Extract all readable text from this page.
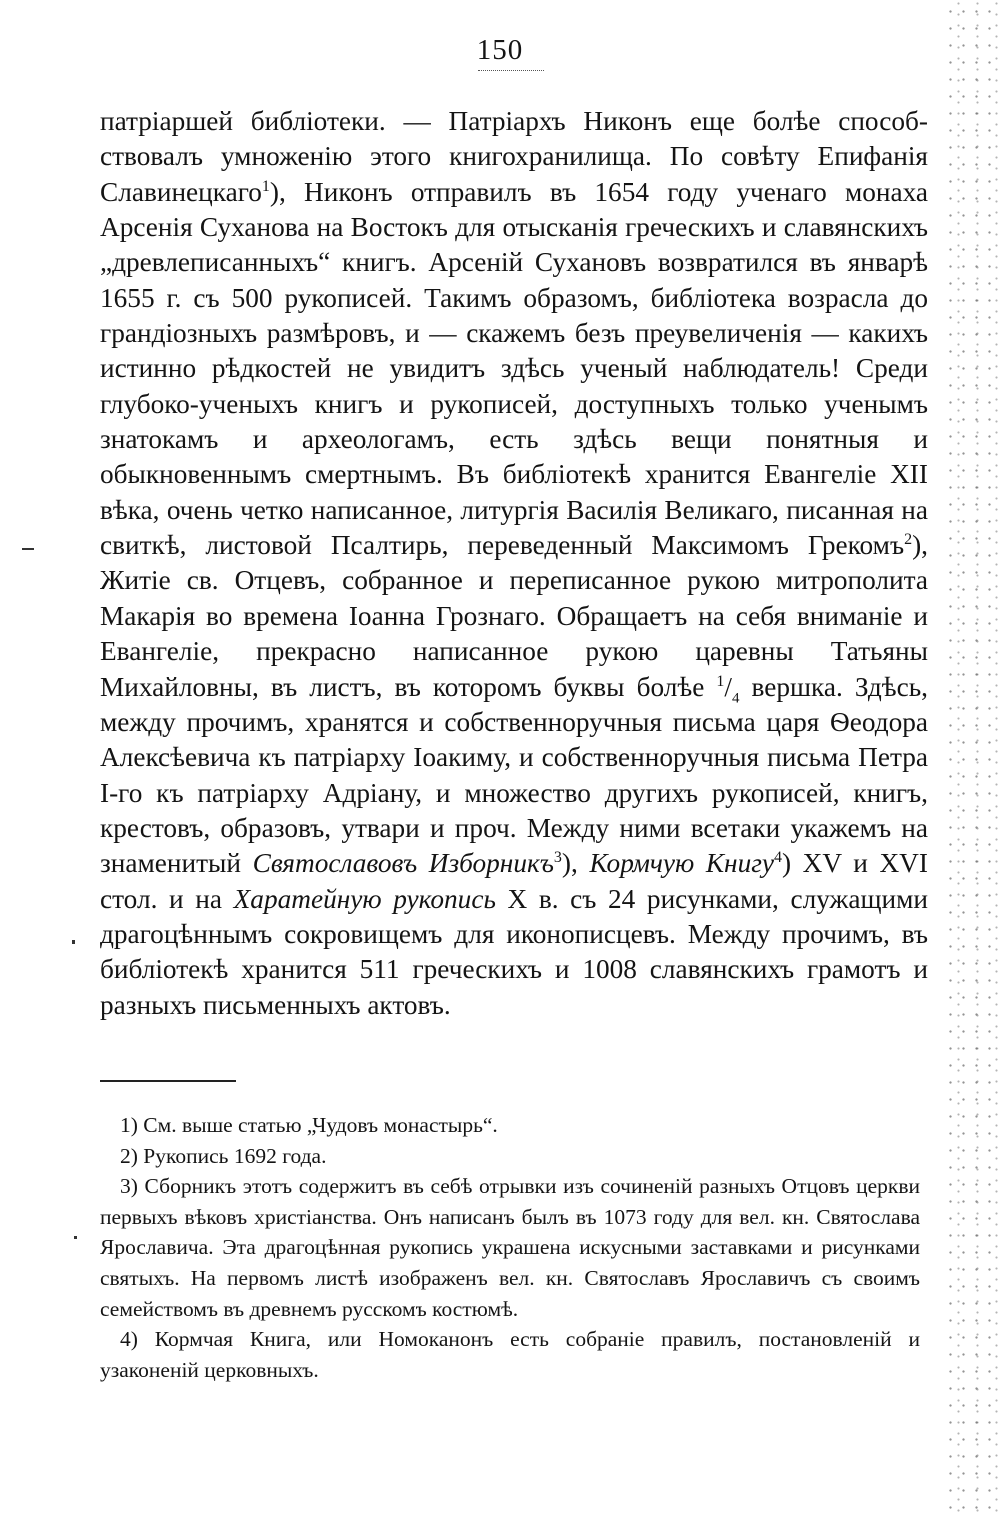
150

патріаршей библіотеки. — Патріархъ Никонъ еще болѣе способствовалъ умноженію этого книгохранилища. По совѣту Епифанія Славинецкаго$^1$), Никонъ отправилъ въ 1654 году ученаго монаха Арсенія Суханова на Востокъ для отысканія греческихъ и славянскихъ „древлеписанныхъ“ книгъ. Арсеній Сухановъ возвратился въ январѣ 1655 г. съ 500 рукописей. Такимъ образомъ, библіотека возрасла до грандіозныхъ размѣровъ, и — скажемъ безъ преувеличенія — какихъ истинно рѣдкостей не увидитъ здѣсь ученый наблюдатель! Среди глубоко-ученыхъ книгъ и рукописей, доступныхъ только ученымъ знатокамъ и археологамъ, есть здѣсь вещи понятныя и обыкновеннымъ смертнымъ. Въ библіотекѣ хранится Евангеліе XII вѣка, очень четко написанное, литургія Василія Великаго, писанная на свиткѣ, листовой Псалтирь, переведенный Максимомъ Грекомъ$^2$), Житіе св. Отцевъ, собранное и переписанное рукою митрополита Макарія во времена Іоанна Грознаго. Обращаетъ на себя вниманіе и Евангеліе, прекрасно написанное рукою царевны Татьяны Михайловны, въ листъ, въ которомъ буквы болѣе $^1/_4$ вершка. Здѣсь, между прочимъ, хранятся и собственноручныя письма царя Ѳеодора Алексѣевича къ патріарху Іоакиму, и собственноручныя письма Петра I-го къ патріарху Адріану, и множество другихъ рукописей, книгъ, крестовъ, образовъ, утвари и проч. Между ними всетаки укажемъ на знаменитый Святославовъ Изборникъ$^3$), Кормчую Книгу$^4$) XV и XVI стол. и на Харатейную рукопись X в. съ 24 рисунками, служащими драгоцѣннымъ сокровищемъ для иконописцевъ. Между прочимъ, въ библіотекѣ хранится 511 греческихъ и 1008 славянскихъ грамотъ и разныхъ письменныхъ актовъ.

1) См. выше статью „Чудовъ монастырь“.

2) Рукопись 1692 года.

3) Сборникъ этотъ содержитъ въ себѣ отрывки изъ сочиненій разныхъ Отцовъ церкви первыхъ вѣковъ христіанства. Онъ написанъ былъ въ 1073 году для вел. кн. Святослава Ярославича. Эта драгоцѣнная рукопись украшена искусными заставками и рисунками святыхъ. На первомъ листѣ изображенъ вел. кн. Святославъ Ярославичъ съ своимъ семействомъ въ древнемъ русскомъ костюмѣ.

4) Кормчая Книга, или Номоканонъ есть собраніе правилъ, постановленій и узаконеній церковныхъ.
